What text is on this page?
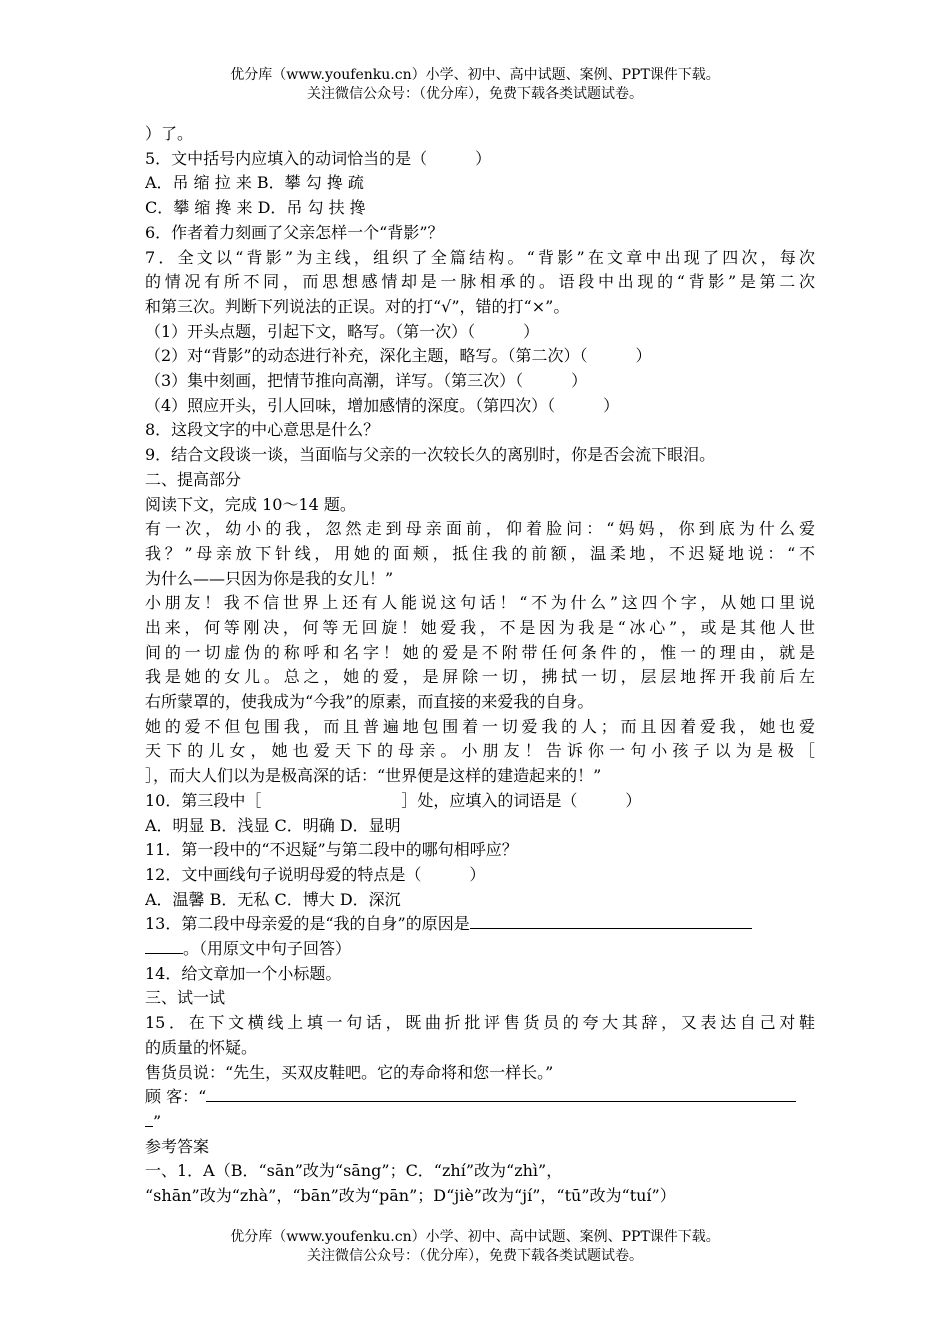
优分库（www.youfenku.cn）小学、初中、高中试题、案例、PPT课件下载。
关注微信公众号：（优分库），免费下载各类试题试卷。
）了。
5．文中括号内应填入的动词恰当的是（　　　）
A．吊 缩 拉 来 B．攀 勾 搀 疏
C．攀 缩 搀 来 D．吊 勾 扶 搀
6．作者着力刻画了父亲怎样一个“背影”？
7．全文以“背影”为主线，组织了全篇结构。“背影”在文章中出现了四次，每次
的情况有所不同，而思想感情却是一脉相承的。语段中出现的“背影”是第二次
和第三次。判断下列说法的正误。对的打“√”，错的打“×”。
（1）开头点题，引起下文，略写。（第一次）（　　　）
（2）对“背影”的动态进行补充，深化主题，略写。（第二次）（　　　）
（3）集中刻画，把情节推向高潮，详写。（第三次）（　　　）
（4）照应开头，引人回味，增加感情的深度。（第四次）（　　　）
8．这段文字的中心意思是什么？
9．结合文段谈一谈，当面临与父亲的一次较长久的离别时，你是否会流下眼泪。
二、提高部分
阅读下文，完成 10～14 题。
有一次，幼小的我，忽然走到母亲面前，仰着脸问：“妈妈，你到底为什么爱
我？”母亲放下针线，用她的面颊，抵住我的前额，温柔地，不迟疑地说：“不
为什么——只因为你是我的女儿！”
小朋友！我不信世界上还有人能说这句话！“不为什么”这四个字，从她口里说
出来，何等刚决，何等无回旋！她爱我，不是因为我是“冰心”，或是其他人世
间的一切虚伪的称呼和名字！她的爱是不附带任何条件的，惟一的理由，就是
我是她的女儿。总之，她的爱，是屏除一切，拂拭一切，层层地挥开我前后左
右所蒙罩的，使我成为“今我”的原素，而直接的来爱我的自身。
她的爱不但包围我，而且普遍地包围着一切爱我的人；而且因着爱我，她也爱
天下的儿女，她也爱天下的母亲。小朋友！告诉你一句小孩子以为是极［
］，而大人们以为是极高深的话：“世界便是这样的建造起来的！”
10．第三段中［	］处，应填入的词语是（　　　）
A．明显 B．浅显 C．明确 D．显明
11．第一段中的“不迟疑”与第二段中的哪句相呼应？
12．文中画线句子说明母爱的特点是（　　　）
A．温馨 B．无私 C．博大 D．深沉
13．第二段中母亲爱的是“我的自身”的原因是
。（用原文中句子回答）
14．给文章加一个小标题。
三、试一试
15．在下文横线上填一句话，既曲折批评售货员的夸大其辞，又表达自己对鞋
的质量的怀疑。
售货员说：“先生，买双皮鞋吧。它的寿命将和您一样长。”
顾 客：“
”
参考答案
一、1．A（B．“sān”改为“sāng”；C．“zhí”改为“zhì”，
“shān”改为“zhà”，“bān”改为“pān”；D“jiè”改为“jí”，“tū”改为“tuí”）
优分库（www.youfenku.cn）小学、初中、高中试题、案例、PPT课件下载。
关注微信公众号：（优分库），免费下载各类试题试卷。
